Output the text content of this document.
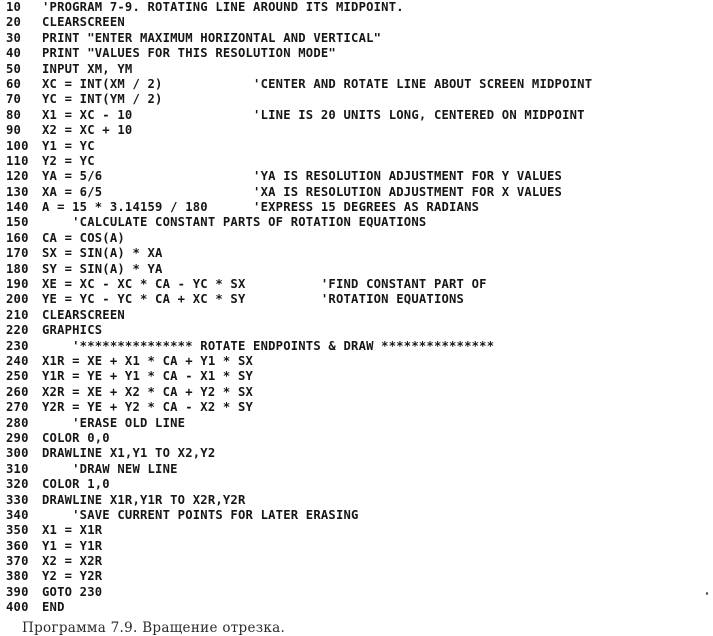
10 'PROGRAM 7-9. ROTATING LINE AROUND ITS MIDPOINT.
20 CLEARSCREEN
30 PRINT "ENTER MAXIMUM HORIZONTAL AND VERTICAL"
40 PRINT "VALUES FOR THIS RESOLUTION MODE"
50 INPUT XM, YM
60 XC = INT(XM / 2)            'CENTER AND ROTATE LINE ABOUT SCREEN MIDPOINT
70 YC = INT(YM / 2)
80 X1 = XC - 10                'LINE IS 20 UNITS LONG, CENTERED ON MIDPOINT
90 X2 = XC + 10
100 Y1 = YC
110 Y2 = YC
120 YA = 5/6                    'YA IS RESOLUTION ADJUSTMENT FOR Y VALUES
130 XA = 6/5                    'XA IS RESOLUTION ADJUSTMENT FOR X VALUES
140 A = 15 * 3.14159 / 180      'EXPRESS 15 DEGREES AS RADIANS
150    'CALCULATE CONSTANT PARTS OF ROTATION EQUATIONS
160 CA = COS(A)
170 SX = SIN(A) * XA
180 SY = SIN(A) * YA
190 XE = XC - XC * CA - YC * SX          'FIND CONSTANT PART OF
200 YE = YC - YC * CA + XC * SY          'ROTATION EQUATIONS
210 CLEARSCREEN
220 GRAPHICS
230    '*************** ROTATE ENDPOINTS & DRAW ***************
240 X1R = XE + X1 * CA + Y1 * SX
250 Y1R = YE + Y1 * CA - X1 * SY
260 X2R = XE + X2 * CA + Y2 * SX
270 Y2R = YE + Y2 * CA - X2 * SY
280    'ERASE OLD LINE
290 COLOR 0,0
300 DRAWLINE X1,Y1 TO X2,Y2
310    'DRAW NEW LINE
320 COLOR 1,0
330 DRAWLINE X1R,Y1R TO X2R,Y2R
340    'SAVE CURRENT POINTS FOR LATER ERASING
350 X1 = X1R
360 Y1 = Y1R
370 X2 = X2R
380 Y2 = Y2R
390 GOTO 230
400 END
Программа 7.9. Вращение отрезка.
